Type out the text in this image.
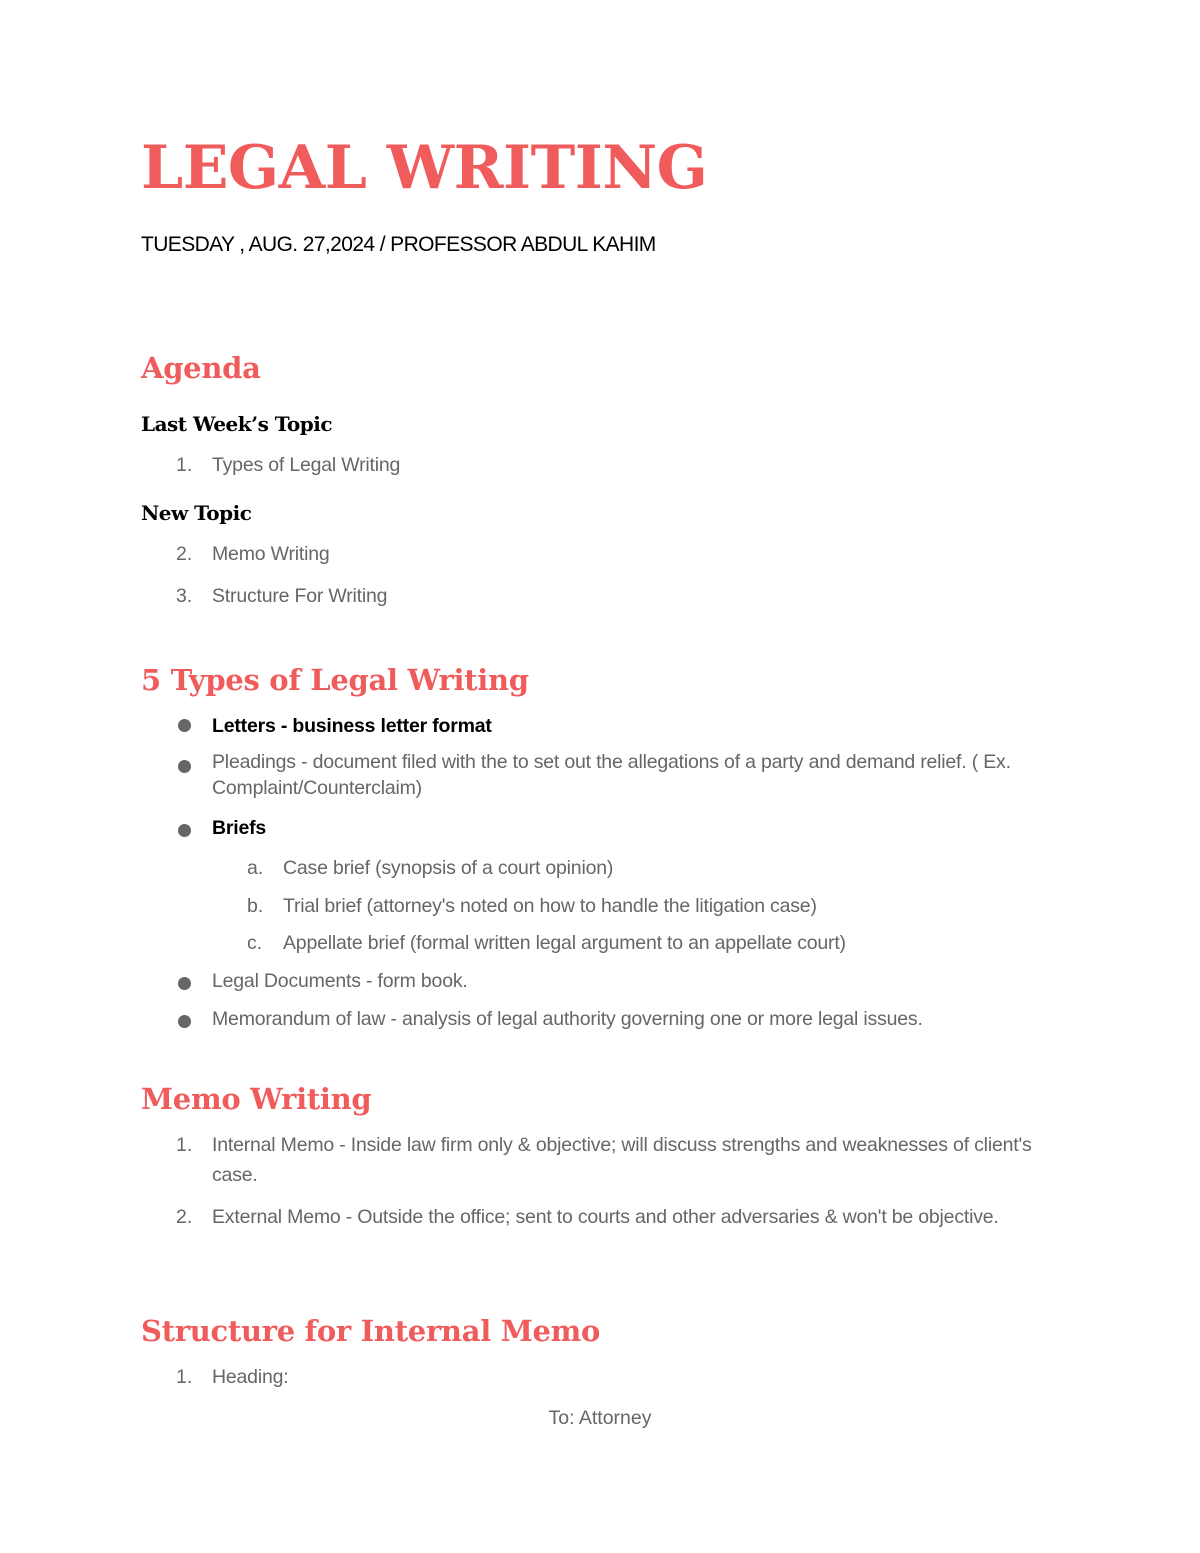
LEGAL WRITING

TUESDAY , AUG. 27,2024 / PROFESSOR ABDUL KAHIM

Agenda
Last Week’s Topic
1. Types of Legal Writing
New Topic
2. Memo Writing
3. Structure For Writing
5 Types of Legal Writing
Letters - business letter format
Pleadings - document filed with the to set out the allegations of a party and demand relief. ( Ex. Complaint/Counterclaim)
Briefs
a. Case brief (synopsis of a court opinion)
b. Trial brief (attorney's noted on how to handle the litigation case)
c. Appellate brief (formal written legal argument to an appellate court)
Legal Documents - form book.
Memorandum of law - analysis of legal authority governing one or more legal issues.
Memo Writing
1. Internal Memo - Inside law firm only & objective; will discuss strengths and weaknesses of client's case.
2. External Memo - Outside the office; sent to courts and other adversaries & won't be objective.
Structure for Internal Memo
1. Heading:
To: Attorney
